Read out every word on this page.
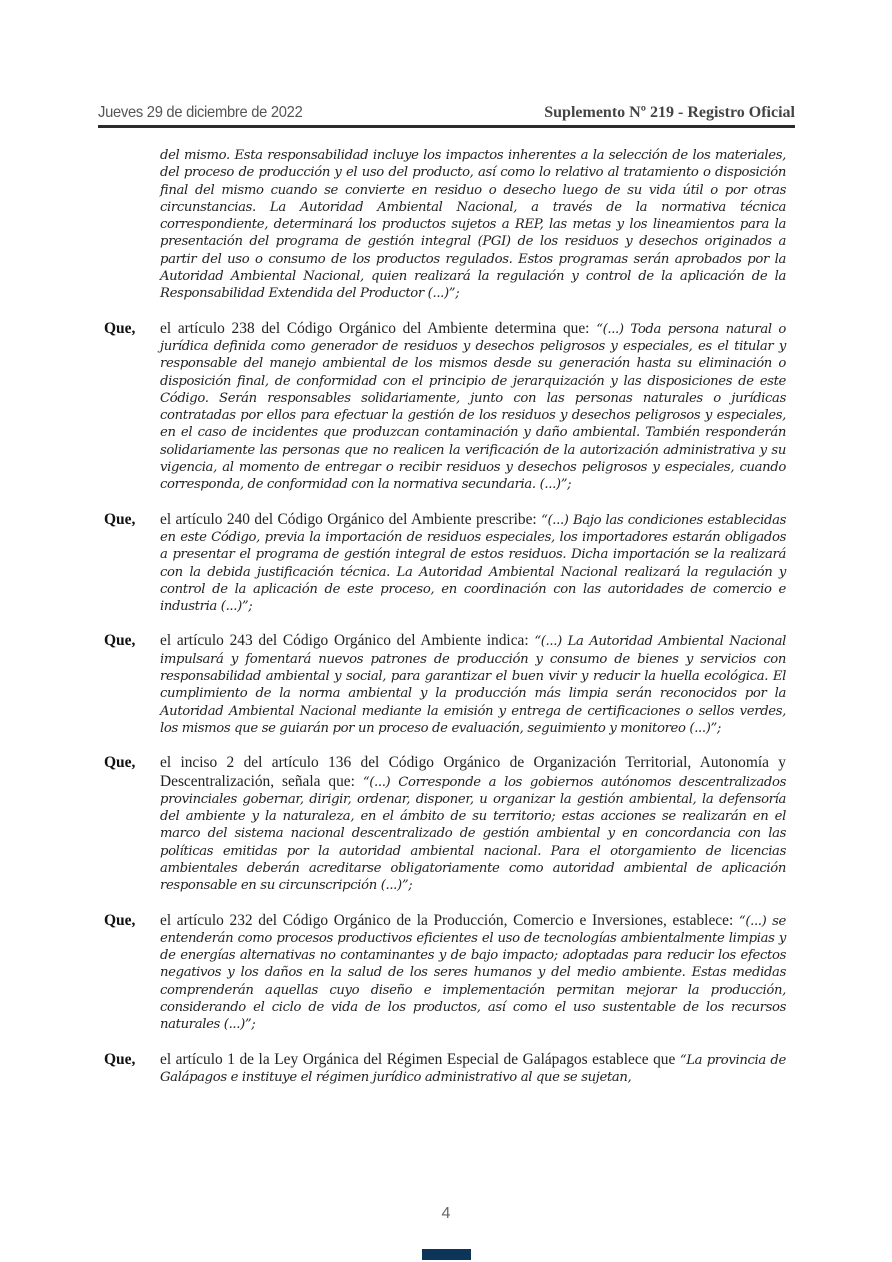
Jueves 29 de diciembre de 2022	Suplemento Nº 219 - Registro Oficial
del mismo. Esta responsabilidad incluye los impactos inherentes a la selección de los materiales, del proceso de producción y el uso del producto, así como lo relativo al tratamiento o disposición final del mismo cuando se convierte en residuo o desecho luego de su vida útil o por otras circunstancias. La Autoridad Ambiental Nacional, a través de la normativa técnica correspondiente, determinará los productos sujetos a REP, las metas y los lineamientos para la presentación del programa de gestión integral (PGI) de los residuos y desechos originados a partir del uso o consumo de los productos regulados. Estos programas serán aprobados por la Autoridad Ambiental Nacional, quien realizará la regulación y control de la aplicación de la Responsabilidad Extendida del Productor (...)”;
Que,	el artículo 238 del Código Orgánico del Ambiente determina que: “(...) Toda persona natural o jurídica definida como generador de residuos y desechos peligrosos y especiales, es el titular y responsable del manejo ambiental de los mismos desde su generación hasta su eliminación o disposición final, de conformidad con el principio de jerarquización y las disposiciones de este Código. Serán responsables solidariamente, junto con las personas naturales o jurídicas contratadas por ellos para efectuar la gestión de los residuos y desechos peligrosos y especiales, en el caso de incidentes que produzcan contaminación y daño ambiental. También responderán solidariamente las personas que no realicen la verificación de la autorización administrativa y su vigencia, al momento de entregar o recibir residuos y desechos peligrosos y especiales, cuando corresponda, de conformidad con la normativa secundaria. (...)”;
Que,	el artículo 240 del Código Orgánico del Ambiente prescribe: “(...) Bajo las condiciones establecidas en este Código, previa la importación de residuos especiales, los importadores estarán obligados a presentar el programa de gestión integral de estos residuos. Dicha importación se la realizará con la debida justificación técnica. La Autoridad Ambiental Nacional realizará la regulación y control de la aplicación de este proceso, en coordinación con las autoridades de comercio e industria (...)”;
Que,	el artículo 243 del Código Orgánico del Ambiente indica: “(...) La Autoridad Ambiental Nacional impulsará y fomentará nuevos patrones de producción y consumo de bienes y servicios con responsabilidad ambiental y social, para garantizar el buen vivir y reducir la huella ecológica. El cumplimiento de la norma ambiental y la producción más limpia serán reconocidos por la Autoridad Ambiental Nacional mediante la emisión y entrega de certificaciones o sellos verdes, los mismos que se guiarán por un proceso de evaluación, seguimiento y monitoreo (...)”;
Que,	el inciso 2 del artículo 136 del Código Orgánico de Organización Territorial, Autonomía y Descentralización, señala que: “(...) Corresponde a los gobiernos autónomos descentralizados provinciales gobernar, dirigir, ordenar, disponer, u organizar la gestión ambiental, la defensoría del ambiente y la naturaleza, en el ámbito de su territorio; estas acciones se realizarán en el marco del sistema nacional descentralizado de gestión ambiental y en concordancia con las políticas emitidas por la autoridad ambiental nacional. Para el otorgamiento de licencias ambientales deberán acreditarse obligatoriamente como autoridad ambiental de aplicación responsable en su circunscripción (...)”;
Que,	el artículo 232 del Código Orgánico de la Producción, Comercio e Inversiones, establece: “(...) se entenderán como procesos productivos eficientes el uso de tecnologías ambientalmente limpias y de energías alternativas no contaminantes y de bajo impacto; adoptadas para reducir los efectos negativos y los daños en la salud de los seres humanos y del medio ambiente. Estas medidas comprenderán aquellas cuyo diseño e implementación permitan mejorar la producción, considerando el ciclo de vida de los productos, así como el uso sustentable de los recursos naturales (...)”;
Que,	el artículo 1 de la Ley Orgánica del Régimen Especial de Galápagos establece que “La provincia de Galápagos e instituye el régimen jurídico administrativo al que se sujetan,
4
